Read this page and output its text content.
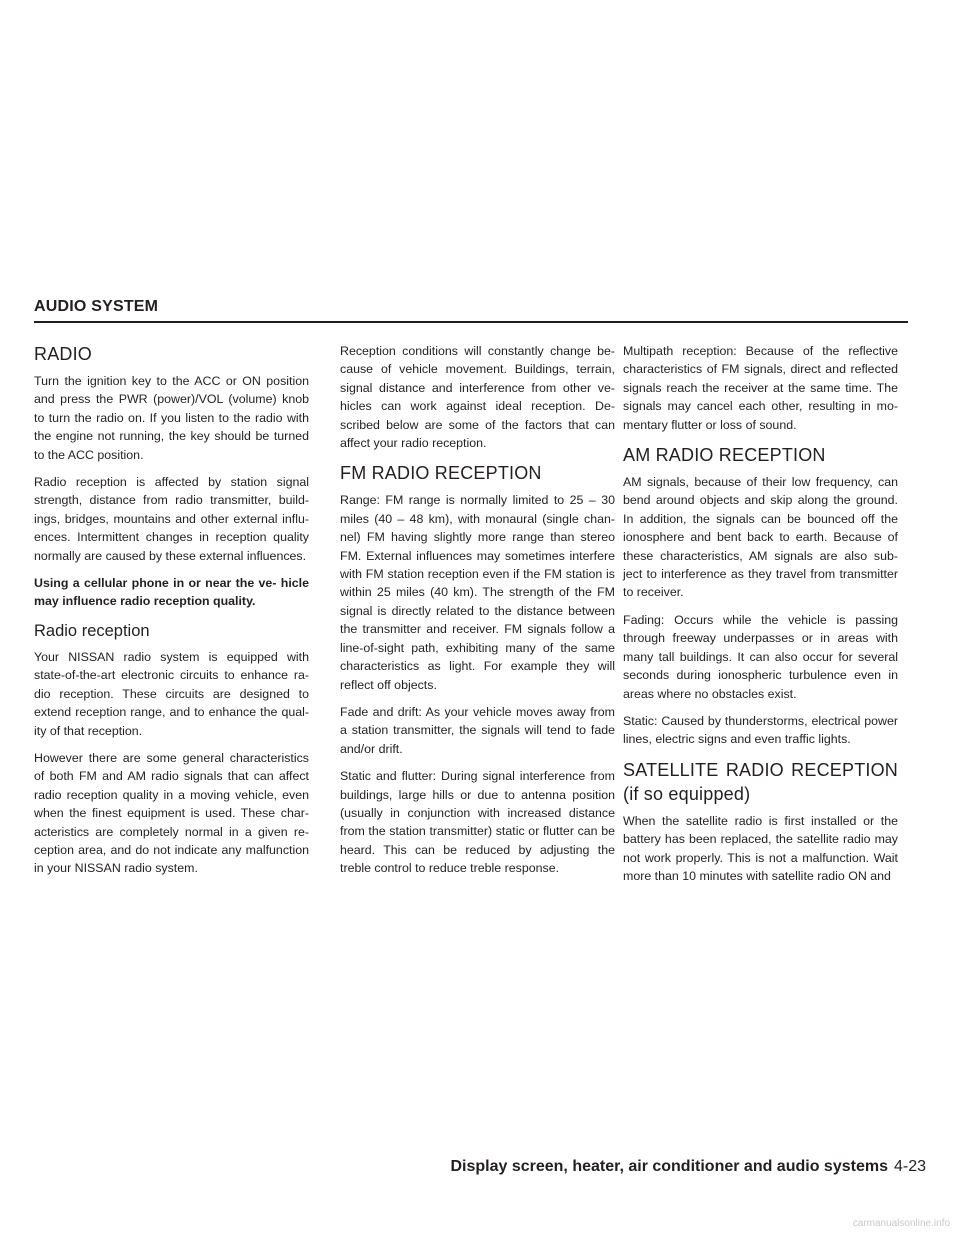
AUDIO SYSTEM
RADIO

Turn the ignition key to the ACC or ON position and press the PWR (power)/VOL (volume) knob to turn the radio on. If you listen to the radio with the engine not running, the key should be turned to the ACC position.

Radio reception is affected by station signal strength, distance from radio transmitter, build- ings, bridges, mountains and other external influ- ences. Intermittent changes in reception quality normally are caused by these external influences.

Using a cellular phone in or near the ve- hicle may influence radio reception quality.

Radio reception

Your NISSAN radio system is equipped with state-of-the-art electronic circuits to enhance ra- dio reception. These circuits are designed to extend reception range, and to enhance the qual- ity of that reception.

However there are some general characteristics of both FM and AM radio signals that can affect radio reception quality in a moving vehicle, even when the finest equipment is used. These char- acteristics are completely normal in a given re- ception area, and do not indicate any malfunction in your NISSAN radio system.

Reception conditions will constantly change be- cause of vehicle movement. Buildings, terrain, signal distance and interference from other ve- hicles can work against ideal reception. De- scribed below are some of the factors that can affect your radio reception.

FM RADIO RECEPTION

Range: FM range is normally limited to 25 – 30 miles (40 – 48 km), with monaural (single chan- nel) FM having slightly more range than stereo FM. External influences may sometimes interfere with FM station reception even if the FM station is within 25 miles (40 km). The strength of the FM signal is directly related to the distance between the transmitter and receiver. FM signals follow a line-of-sight path, exhibiting many of the same characteristics as light. For example they will reflect off objects.

Fade and drift: As your vehicle moves away from a station transmitter, the signals will tend to fade and/or drift.

Static and flutter: During signal interference from buildings, large hills or due to antenna position (usually in conjunction with increased distance from the station transmitter) static or flutter can be heard. This can be reduced by adjusting the treble control to reduce treble response.

Multipath reception: Because of the reflective characteristics of FM signals, direct and reflected signals reach the receiver at the same time. The signals may cancel each other, resulting in mo- mentary flutter or loss of sound.

AM RADIO RECEPTION

AM signals, because of their low frequency, can bend around objects and skip along the ground. In addition, the signals can be bounced off the ionosphere and bent back to earth. Because of these characteristics, AM signals are also sub- ject to interference as they travel from transmitter to receiver.

Fading: Occurs while the vehicle is passing through freeway underpasses or in areas with many tall buildings. It can also occur for several seconds during ionospheric turbulence even in areas where no obstacles exist.

Static: Caused by thunderstorms, electrical power lines, electric signs and even traffic lights.

SATELLITE RADIO RECEPTION (if so equipped)

When the satellite radio is first installed or the battery has been replaced, the satellite radio may not work properly. This is not a malfunction. Wait more than 10 minutes with satellite radio ON and

Display screen, heater, air conditioner and audio systems 4-23
carmanualsonline.info
